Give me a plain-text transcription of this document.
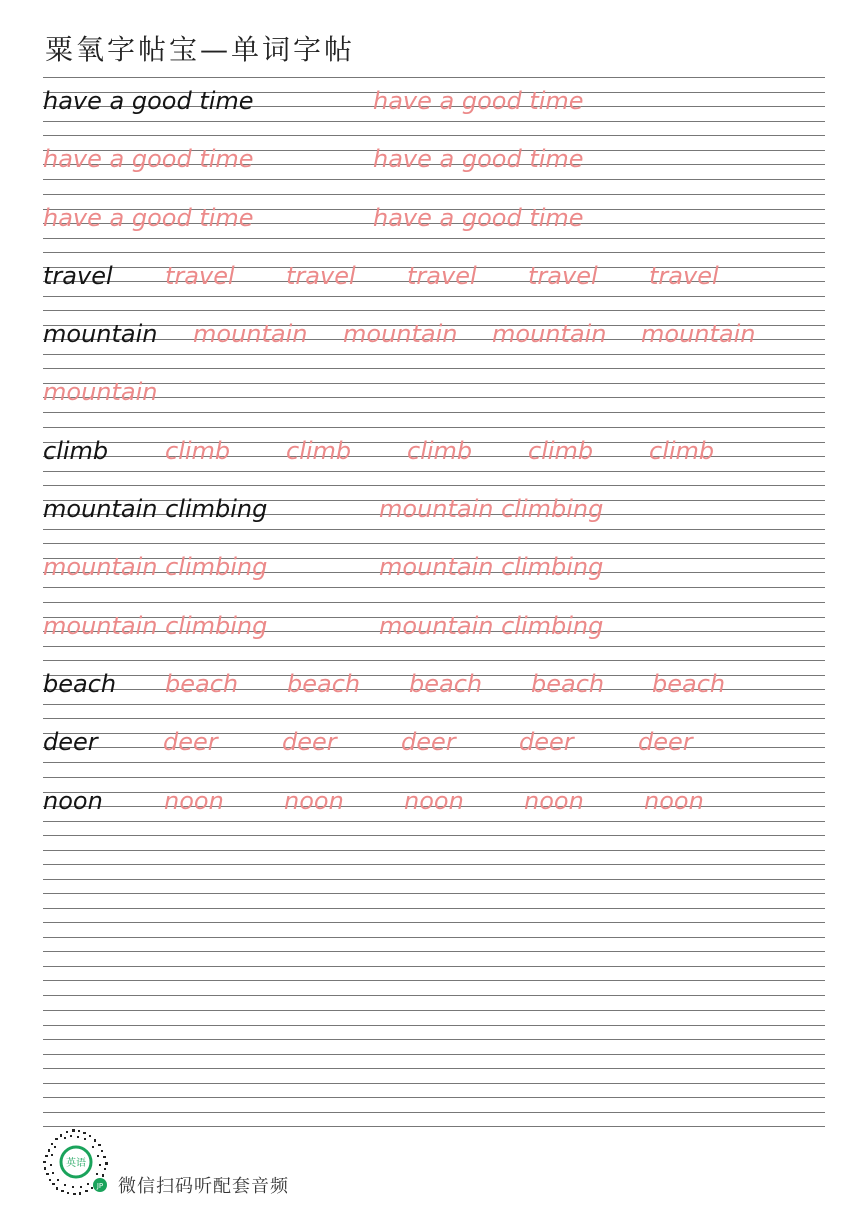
粟氧字帖宝—单词字帖
have a good time	have a good time
have a good time	have a good time
have a good time	have a good time
travel travel travel travel travel travel
mountain mountain mountain mountain mountain
mountain
climb climb climb climb climb climb
mountain climbing	mountain climbing
mountain climbing	mountain climbing
mountain climbing	mountain climbing
beach beach beach beach beach beach
deer	deer	deer	deer	deer	deer
noon	noon	noon	noon	noon	noon
英语
JP 微信扫码听配套音频
